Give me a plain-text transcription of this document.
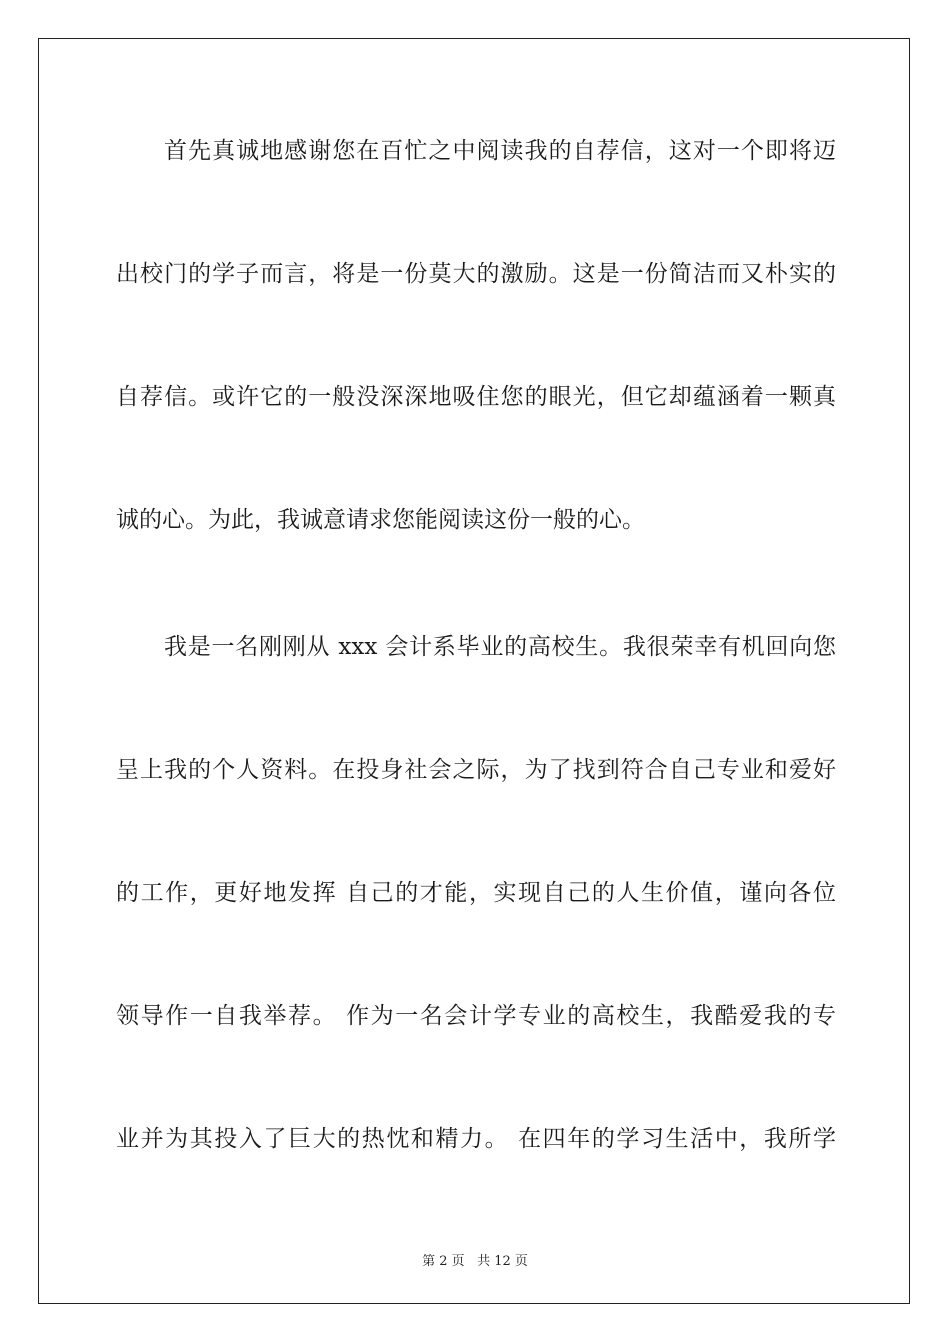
首先真诚地感谢您在百忙之中阅读我的自荐信，这对一个即将迈
出校门的学子而言，将是一份莫大的激励。这是一份简洁而又朴实的
自荐信。或许它的一般没深深地吸住您的眼光，但它却蕴涵着一颗真
诚的心。为此，我诚意请求您能阅读这份一般的心。
我是一名刚刚从 xxx 会计系毕业的高校生。我很荣幸有机回向您
呈上我的个人资料。在投身社会之际，为了找到符合自己专业和爱好
的工作，更好地发挥 自己的才能，实现自己的人生价值，谨向各位
领导作一自我举荐。 作为一名会计学专业的高校生，我酷爱我的专
业并为其投入了巨大的热忱和精力。 在四年的学习生活中，我所学
第 2 页 共 12 页
